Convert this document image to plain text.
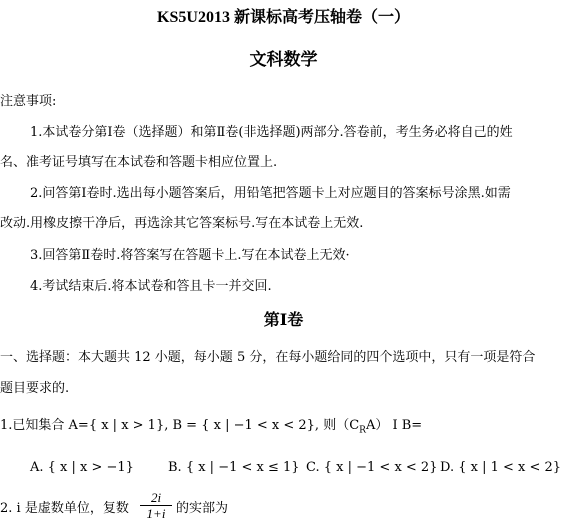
KS5U2013 新课标高考压轴卷（一）
文科数学
注意事项:
1.本试卷分第Ⅰ卷（选择题）和第Ⅱ卷(非选择题)两部分.答卷前，考生务必将自己的姓
名、准考证号填写在本试卷和答题卡相应位置上.
2.问答第Ⅰ卷时.选出每小题答案后，用铅笔把答题卡上对应题目的答案标号涂黑.如需
改动.用橡皮擦干净后，再选涂其它答案标号.写在本试卷上无效.
3.回答第Ⅱ卷时.将答案写在答题卡上.写在本试卷上无效·
4.考试结束后.将本试卷和答且卡一并交回.
第Ⅰ卷
一、选择题：本大题共 12 小题，每小题 5 分，在每小题给同的四个选项中，只有一项是符合
题目要求的.
1.已知集合 A={ x | x > 1}, B = { x | −1 < x < 2}, 则$(C_RA)$ I B=
A. { x | x > −1}	B. { x | −1 < x ≤ 1} C. { x | −1 < x < 2} D. { x | 1 < x < 2}
2. i 是虚数单位，复数 $\frac{2i}{1+i}$ 的实部为
